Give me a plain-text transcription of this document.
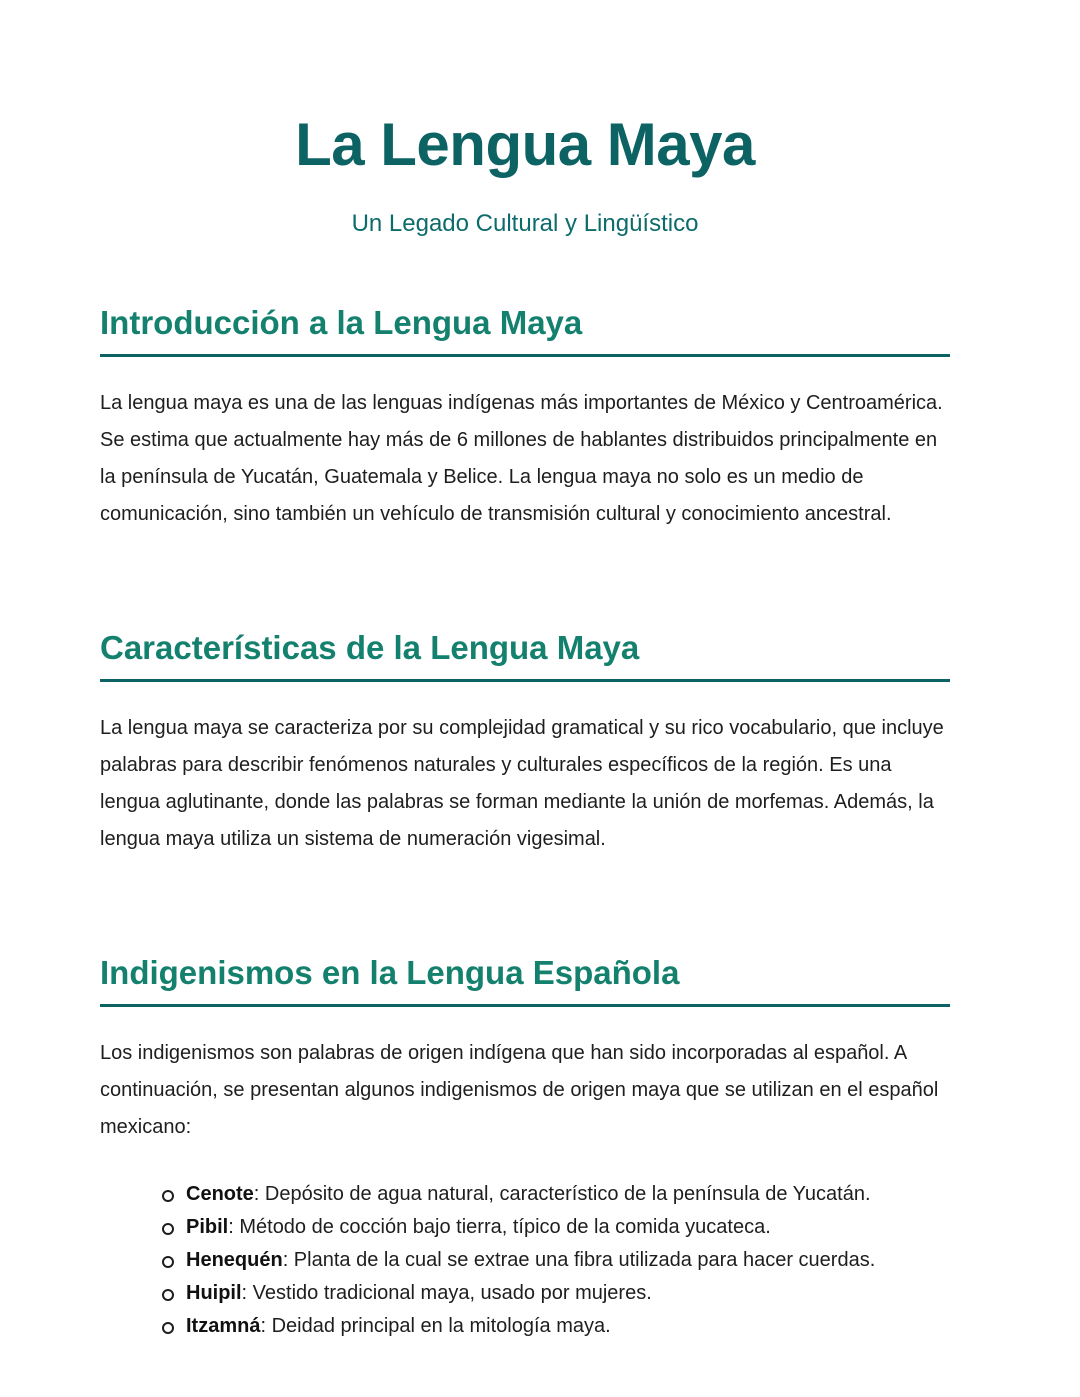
La Lengua Maya
Un Legado Cultural y Lingüístico
Introducción a la Lengua Maya

La lengua maya es una de las lenguas indígenas más importantes de México y Centroamérica. Se estima que actualmente hay más de 6 millones de hablantes distribuidos principalmente en la península de Yucatán, Guatemala y Belice. La lengua maya no solo es un medio de comunicación, sino también un vehículo de transmisión cultural y conocimiento ancestral.

Características de la Lengua Maya

La lengua maya se caracteriza por su complejidad gramatical y su rico vocabulario, que incluye palabras para describir fenómenos naturales y culturales específicos de la región. Es una lengua aglutinante, donde las palabras se forman mediante la unión de morfemas. Además, la lengua maya utiliza un sistema de numeración vigesimal.

Indigenismos en la Lengua Española

Los indigenismos son palabras de origen indígena que han sido incorporadas al español. A continuación, se presentan algunos indigenismos de origen maya que se utilizan en el español mexicano:

Cenote: Depósito de agua natural, característico de la península de Yucatán.
Pibil: Método de cocción bajo tierra, típico de la comida yucateca.
Henequén: Planta de la cual se extrae una fibra utilizada para hacer cuerdas.
Huipil: Vestido tradicional maya, usado por mujeres.
Itzamná: Deidad principal en la mitología maya.
